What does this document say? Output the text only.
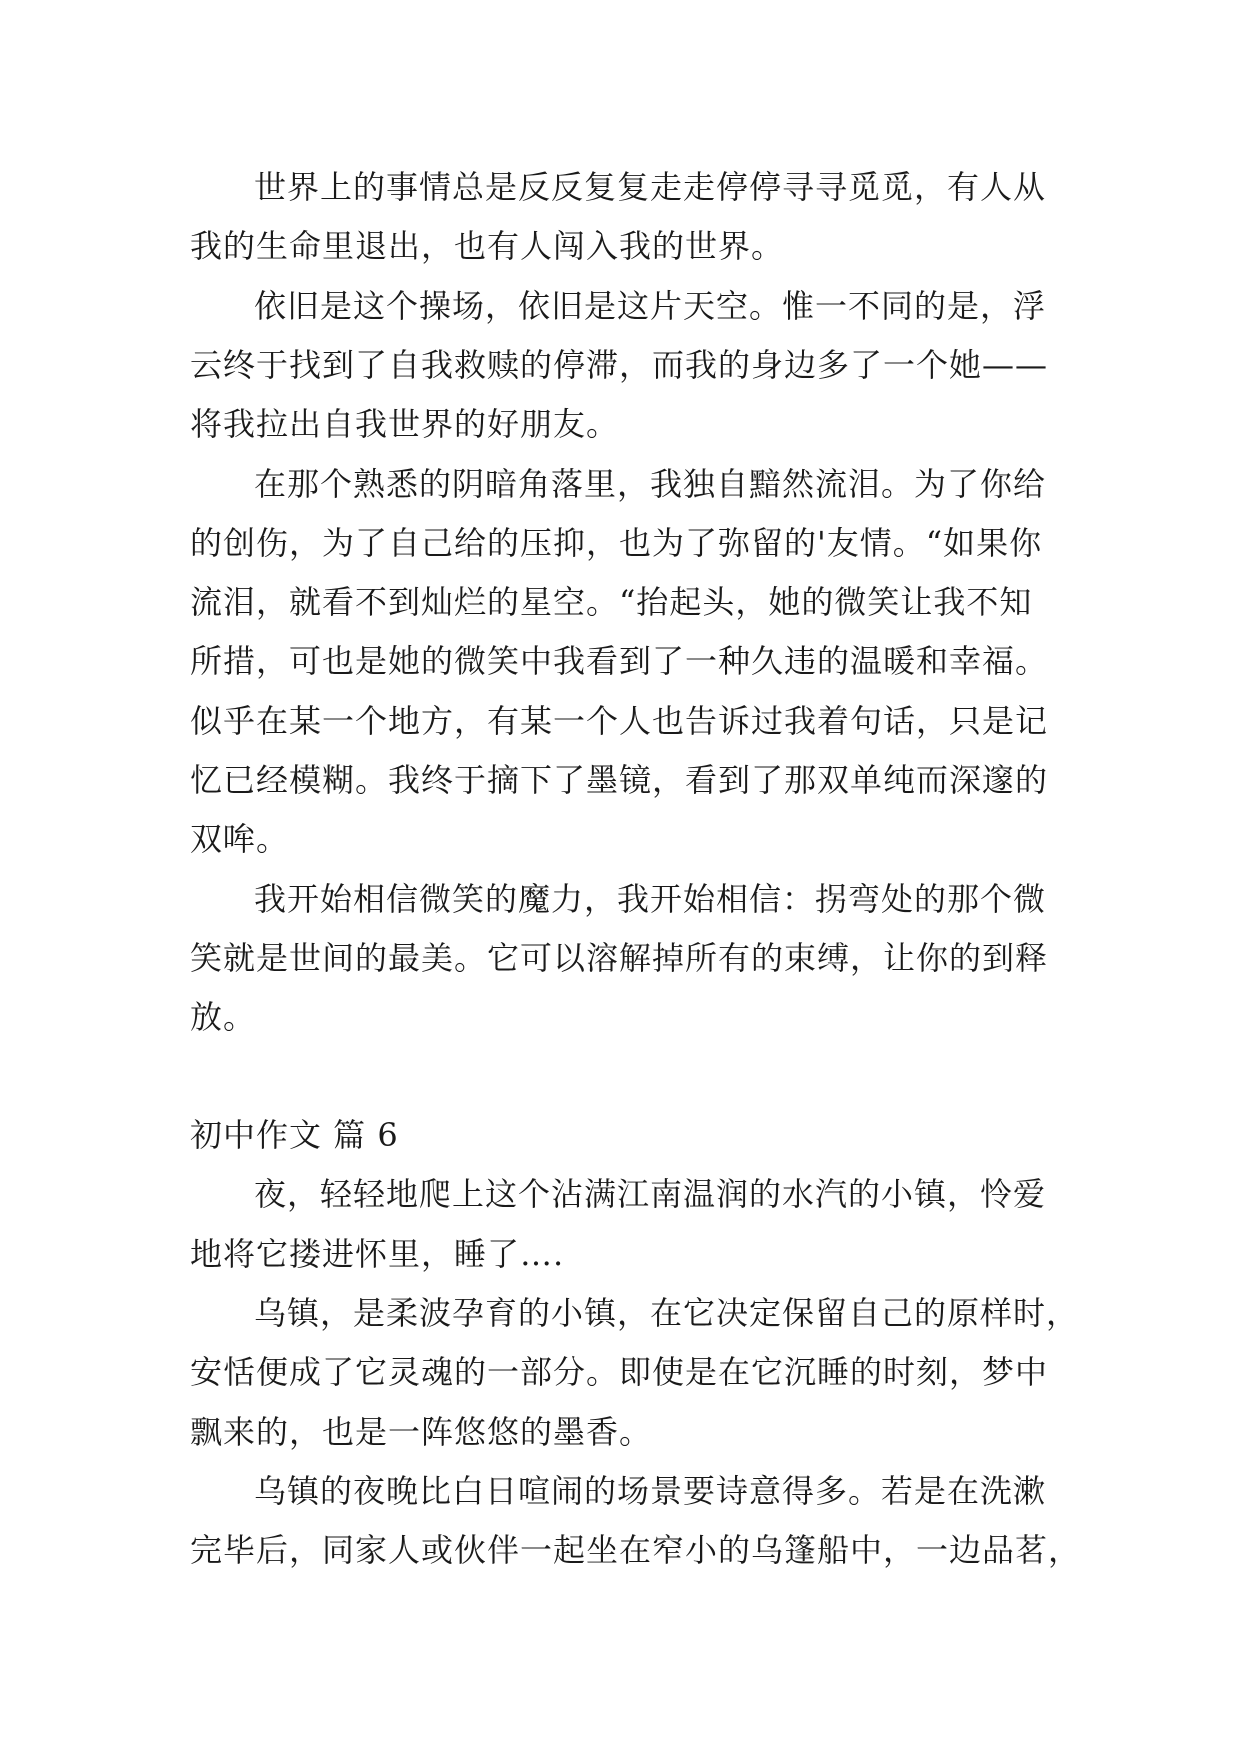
世界上的事情总是反反复复走走停停寻寻觅觅，有人从
我的生命里退出，也有人闯入我的世界。
依旧是这个操场，依旧是这片天空。惟一不同的是，浮
云终于找到了自我救赎的停滞，而我的身边多了一个她——
将我拉出自我世界的好朋友。
在那个熟悉的阴暗角落里，我独自黯然流泪。为了你给
的创伤，为了自己给的压抑，也为了弥留的'友情。“如果你
流泪，就看不到灿烂的星空。“抬起头，她的微笑让我不知
所措，可也是她的微笑中我看到了一种久违的温暖和幸福。
似乎在某一个地方，有某一个人也告诉过我着句话，只是记
忆已经模糊。我终于摘下了墨镜，看到了那双单纯而深邃的
双哞。
我开始相信微笑的魔力，我开始相信：拐弯处的那个微
笑就是世间的最美。它可以溶解掉所有的束缚，让你的到释
放。
初中作文 篇 6
夜，轻轻地爬上这个沾满江南温润的水汽的小镇，怜爱
地将它搂进怀里，睡了….
乌镇，是柔波孕育的小镇，在它决定保留自己的原样时，
安恬便成了它灵魂的一部分。即使是在它沉睡的时刻，梦中
飘来的，也是一阵悠悠的墨香。
乌镇的夜晚比白日喧闹的场景要诗意得多。若是在洗漱
完毕后，同家人或伙伴一起坐在窄小的乌篷船中，一边品茗，
